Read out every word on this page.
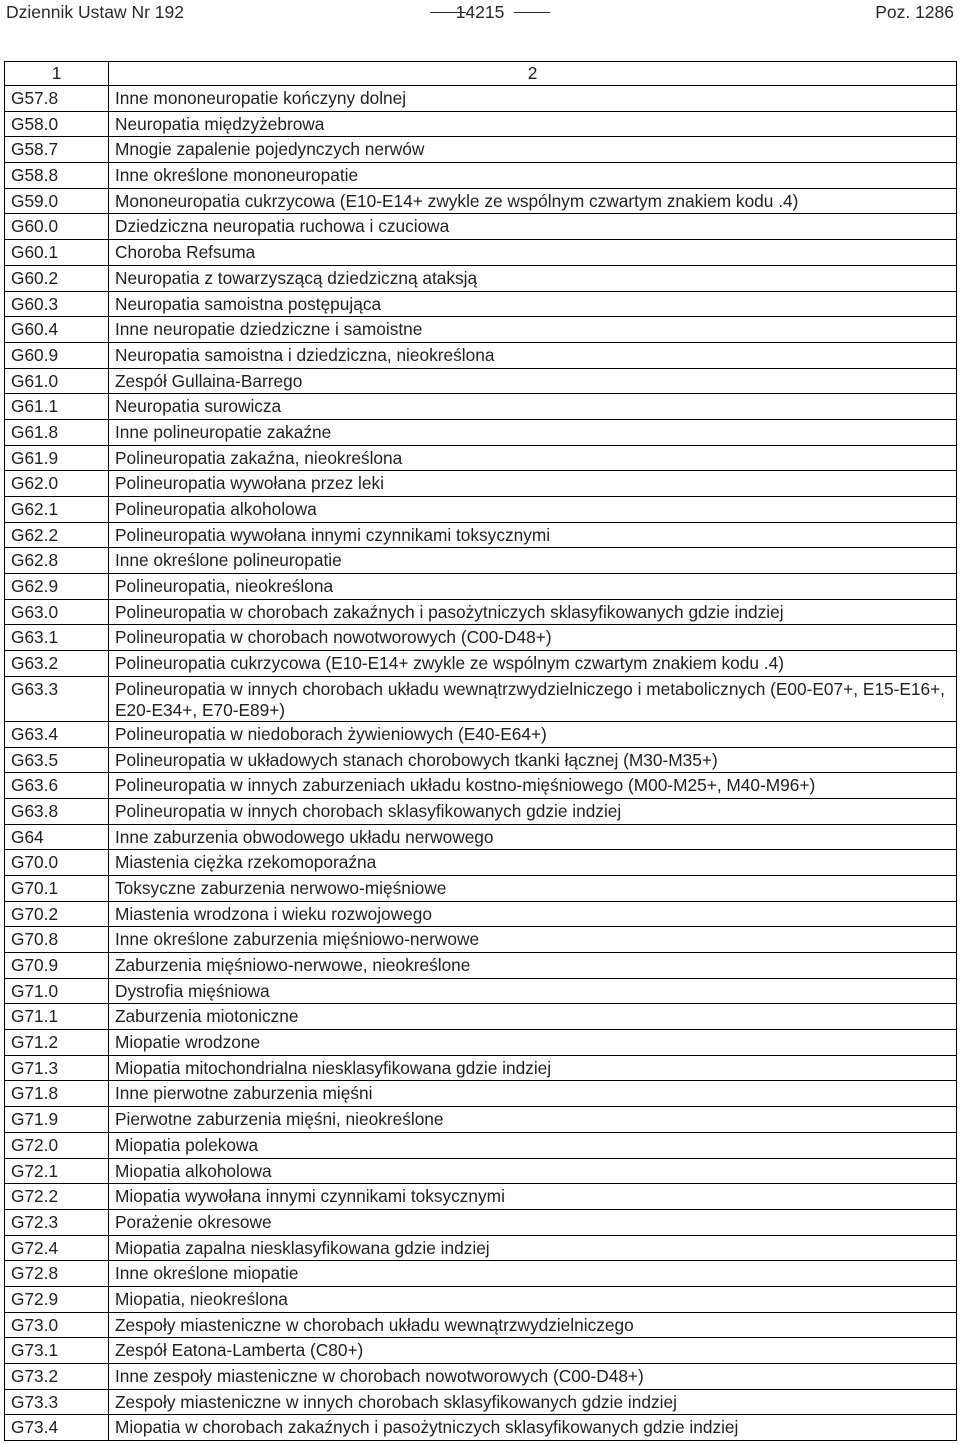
Dziennik Ustaw Nr 192	14215	Poz. 1286
1	2
G57.8	Inne mononeuropatie kończyny dolnej
G58.0	Neuropatia międzyżebrowa
G58.7	Mnogie zapalenie pojedynczych nerwów
G58.8	Inne określone mononeuropatie
G59.0	Mononeuropatia cukrzycowa (E10-E14+ zwykle ze wspólnym czwartym znakiem kodu .4)
G60.0	Dziedziczna neuropatia ruchowa i czuciowa
G60.1	Choroba Refsuma
G60.2	Neuropatia z towarzyszącą dziedziczną ataksją
G60.3	Neuropatia samoistna postępująca
G60.4	Inne neuropatie dziedziczne i samoistne
G60.9	Neuropatia samoistna i dziedziczna, nieokreślona
G61.0	Zespół Gullaina-Barrego
G61.1	Neuropatia surowicza
G61.8	Inne polineuropatie zakaźne
G61.9	Polineuropatia zakaźna, nieokreślona
G62.0	Polineuropatia wywołana przez leki
G62.1	Polineuropatia alkoholowa
G62.2	Polineuropatia wywołana innymi czynnikami toksycznymi
G62.8	Inne określone polineuropatie
G62.9	Polineuropatia, nieokreślona
G63.0	Polineuropatia w chorobach zakaźnych i pasożytniczych sklasyfikowanych gdzie indziej
G63.1	Polineuropatia w chorobach nowotworowych (C00-D48+)
G63.2	Polineuropatia cukrzycowa (E10-E14+ zwykle ze wspólnym czwartym znakiem kodu .4)
G63.3	Polineuropatia w innych chorobach układu wewnątrzwydzielniczego i metabolicznych (E00-E07+, E15-E16+, E20-E34+, E70-E89+)
G63.4	Polineuropatia w niedoborach żywieniowych (E40-E64+)
G63.5	Polineuropatia w układowych stanach chorobowych tkanki łącznej (M30-M35+)
G63.6	Polineuropatia w innych zaburzeniach układu kostno-mięśniowego (M00-M25+, M40-M96+)
G63.8	Polineuropatia w innych chorobach sklasyfikowanych gdzie indziej
G64	Inne zaburzenia obwodowego układu nerwowego
G70.0	Miastenia ciężka rzekomoporaźna
G70.1	Toksyczne zaburzenia nerwowo-mięśniowe
G70.2	Miastenia wrodzona i wieku rozwojowego
G70.8	Inne określone zaburzenia mięśniowo-nerwowe
G70.9	Zaburzenia mięśniowo-nerwowe, nieokreślone
G71.0	Dystrofia mięśniowa
G71.1	Zaburzenia miotoniczne
G71.2	Miopatie wrodzone
G71.3	Miopatia mitochondrialna niesklasyfikowana gdzie indziej
G71.8	Inne pierwotne zaburzenia mięśni
G71.9	Pierwotne zaburzenia mięśni, nieokreślone
G72.0	Miopatia polekowa
G72.1	Miopatia alkoholowa
G72.2	Miopatia wywołana innymi czynnikami toksycznymi
G72.3	Porażenie okresowe
G72.4	Miopatia zapalna niesklasyfikowana gdzie indziej
G72.8	Inne określone miopatie
G72.9	Miopatia, nieokreślona
G73.0	Zespoły miasteniczne w chorobach układu wewnątrzwydzielniczego
G73.1	Zespół Eatona-Lamberta (C80+)
G73.2	Inne zespoły miasteniczne w chorobach nowotworowych (C00-D48+)
G73.3	Zespoły miasteniczne w innych chorobach sklasyfikowanych gdzie indziej
G73.4	Miopatia w chorobach zakaźnych i pasożytniczych sklasyfikowanych gdzie indziej
